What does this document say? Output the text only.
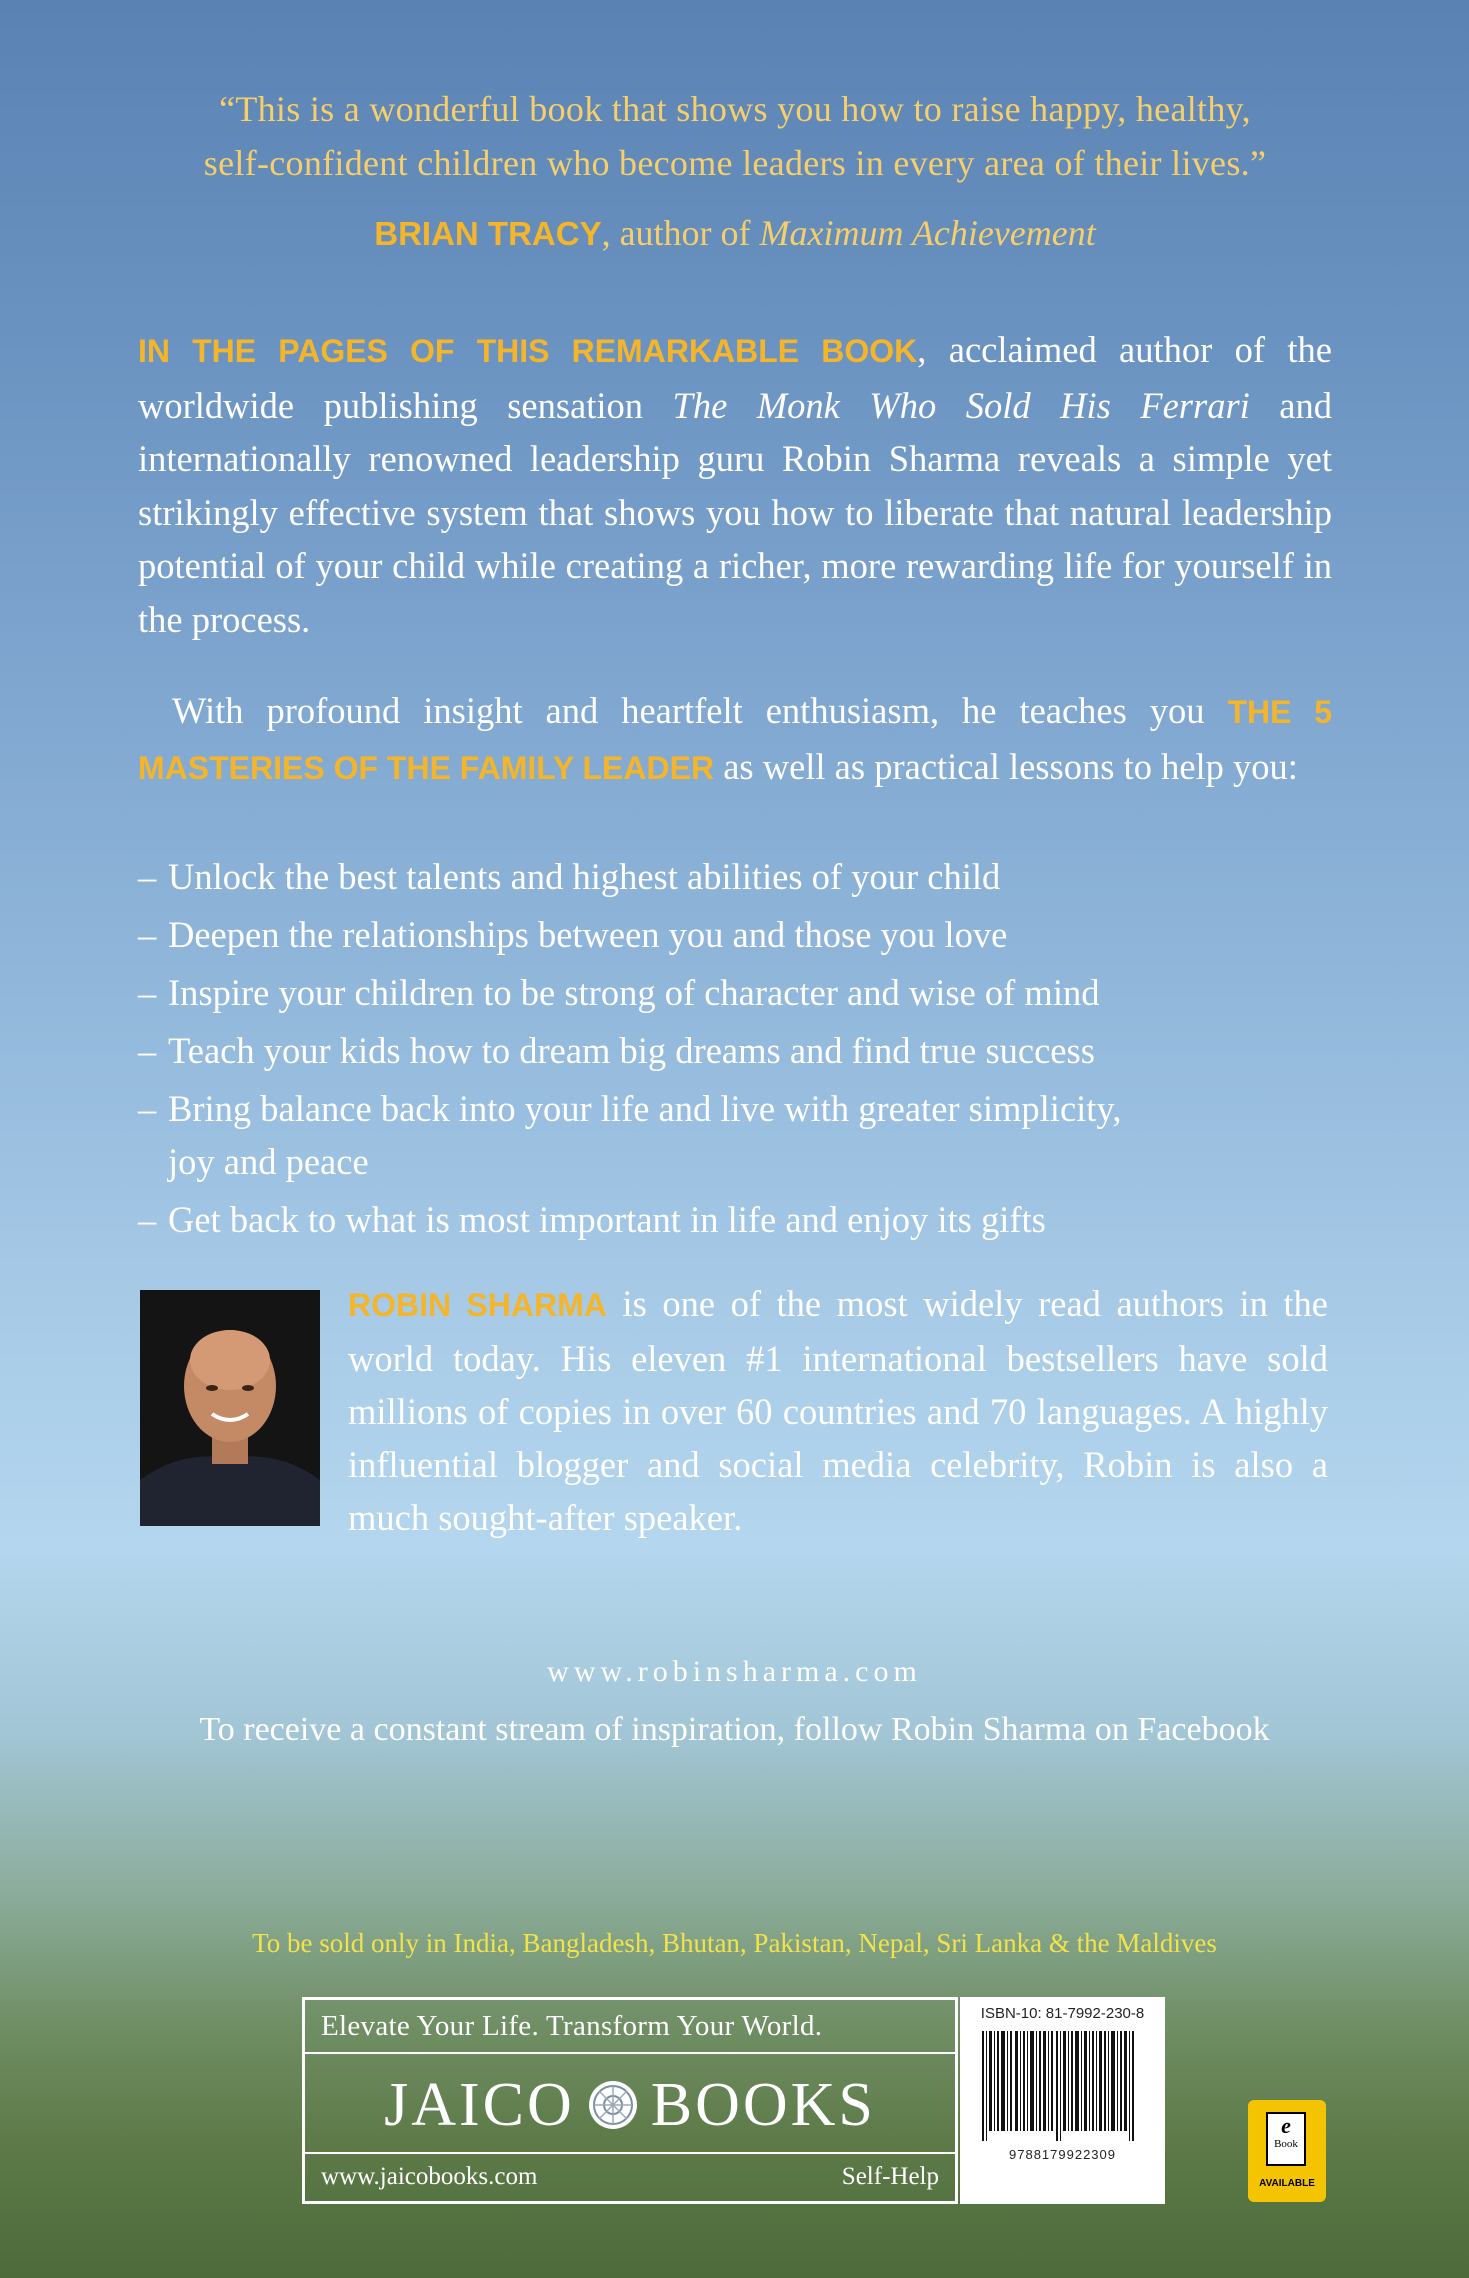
“This is a wonderful book that shows you how to raise happy, healthy,
self-confident children who become leaders in every area of their lives.”
BRIAN TRACY, author of Maximum Achievement
IN THE PAGES OF THIS REMARKABLE BOOK, acclaimed author of the worldwide publishing sensation The Monk Who Sold His Ferrari and internationally renowned leadership guru Robin Sharma reveals a simple yet strikingly effective system that shows you how to liberate that natural leadership potential of your child while creating a richer, more rewarding life for yourself in the process.
With profound insight and heartfelt enthusiasm, he teaches you THE 5 MASTERIES OF THE FAMILY LEADER as well as practical lessons to help you:
– Unlock the best talents and highest abilities of your child
– Deepen the relationships between you and those you love
– Inspire your children to be strong of character and wise of mind
– Teach your kids how to dream big dreams and find true success
– Bring balance back into your life and live with greater simplicity,
joy and peace
– Get back to what is most important in life and enjoy its gifts
ROBIN SHARMA is one of the most widely read authors in the world today. His eleven #1 international bestsellers have sold millions of copies in over 60 countries and 70 languages. A highly influential blogger and social media celebrity, Robin is also a much sought-after speaker.
www.robinsharma.com
To receive a constant stream of inspiration, follow Robin Sharma on Facebook
To be sold only in India, Bangladesh, Bhutan, Pakistan, Nepal, Sri Lanka & the Maldives
Elevate Your Life. Transform Your World.
JAICO BOOKS
www.jaicobooks.com	Self-Help
ISBN-10: 81-7992-230-8
9788179922309
e
Book
AVAILABLE
